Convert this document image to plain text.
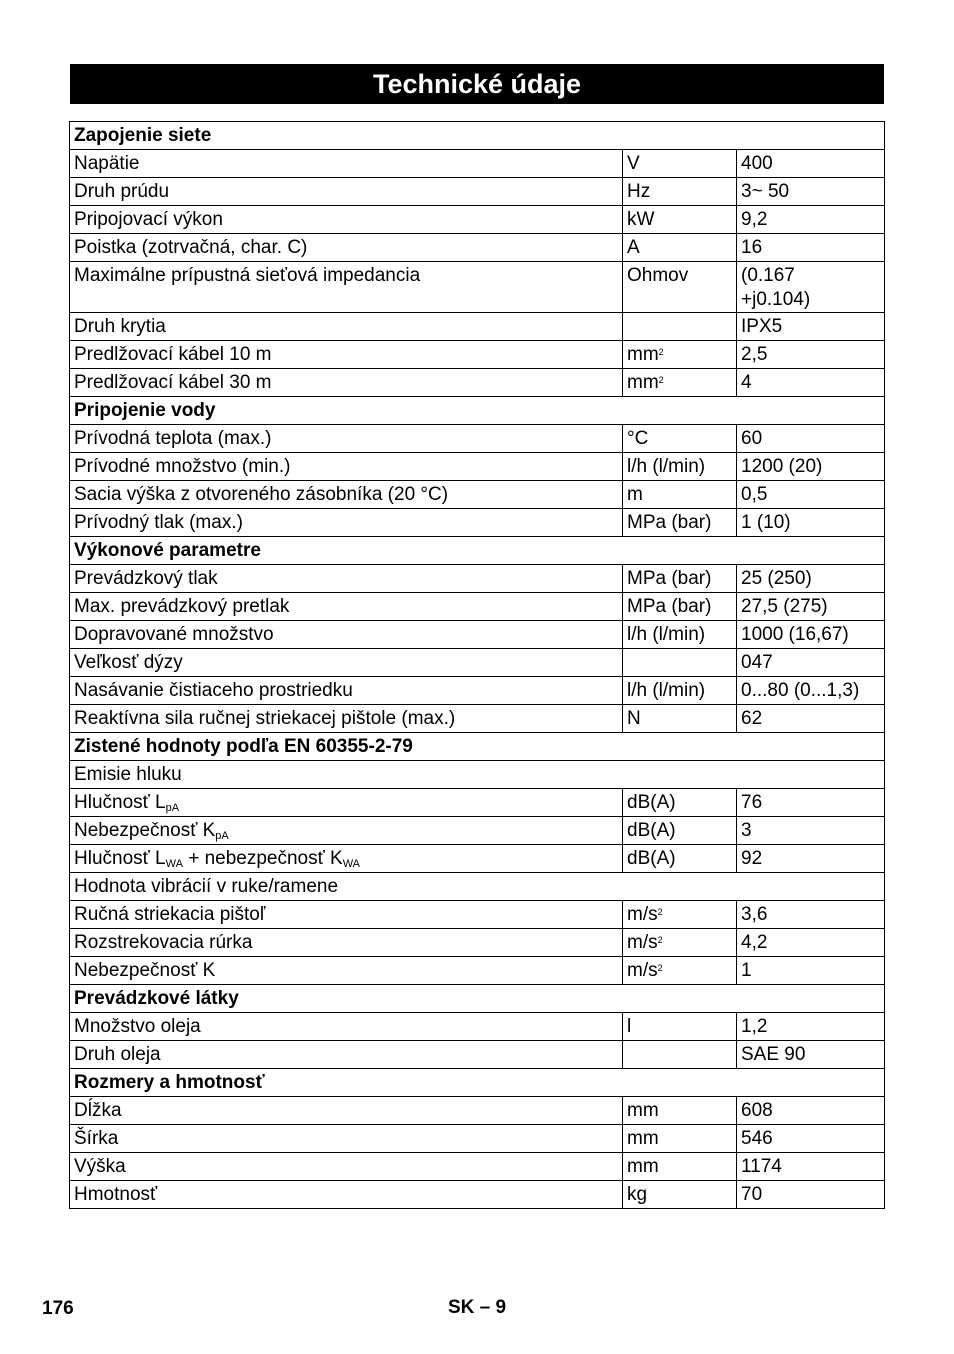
Technické údaje
Zapojenie siete		
Napätie	V	400
Druh prúdu	Hz	3~ 50
Pripojovací výkon	kW	9,2
Poistka (zotrvačná, char. C)	A	16
Maximálne prípustná sieťová impedancia	Ohmov	(0.167
+j0.104)
Druh krytia		IPX5
Predlžovací kábel 10 m	$mm^2$	2,5
Predlžovací kábel 30 m	$mm^2$	4
Pripojenie vody		
Prívodná teplota (max.)	°C	60
Prívodné množstvo (min.)	l/h (l/min)	1200 (20)
Sacia výška z otvoreného zásobníka (20 °C)	m	0,5
Prívodný tlak (max.)	MPa (bar)	1 (10)
Výkonové parametre		
Prevádzkový tlak	MPa (bar)	25 (250)
Max. prevádzkový pretlak	MPa (bar)	27,5 (275)
Dopravované množstvo	l/h (l/min)	1000 (16,67)
Veľkosť dýzy		047
Nasávanie čistiaceho prostriedku	l/h (l/min)	0...80 (0...1,3)
Reaktívna sila ručnej striekacej pištole (max.)	N	62
Zistené hodnoty podľa EN 60355-2-79		
Emisie hluku		
Hlučnosť $L_{pA}$	dB(A)	76
Nebezpečnosť $K_{pA}$	dB(A)	3
Hlučnosť $L_{WA}$ + nebezpečnosť $K_{WA}$	dB(A)	92
Hodnota vibrácií v ruke/ramene		
Ručná striekacia pištoľ	$m/s^2$	3,6
Rozstrekovacia rúrka	$m/s^2$	4,2
Nebezpečnosť K	$m/s^2$	1
Prevádzkové látky		
Množstvo oleja	l	1,2
Druh oleja		SAE 90
Rozmery a hmotnosť		
Dĺžka	mm	608
Šírka	mm	546
Výška	mm	1174
Hmotnosť	kg	70
176	SK – 9
